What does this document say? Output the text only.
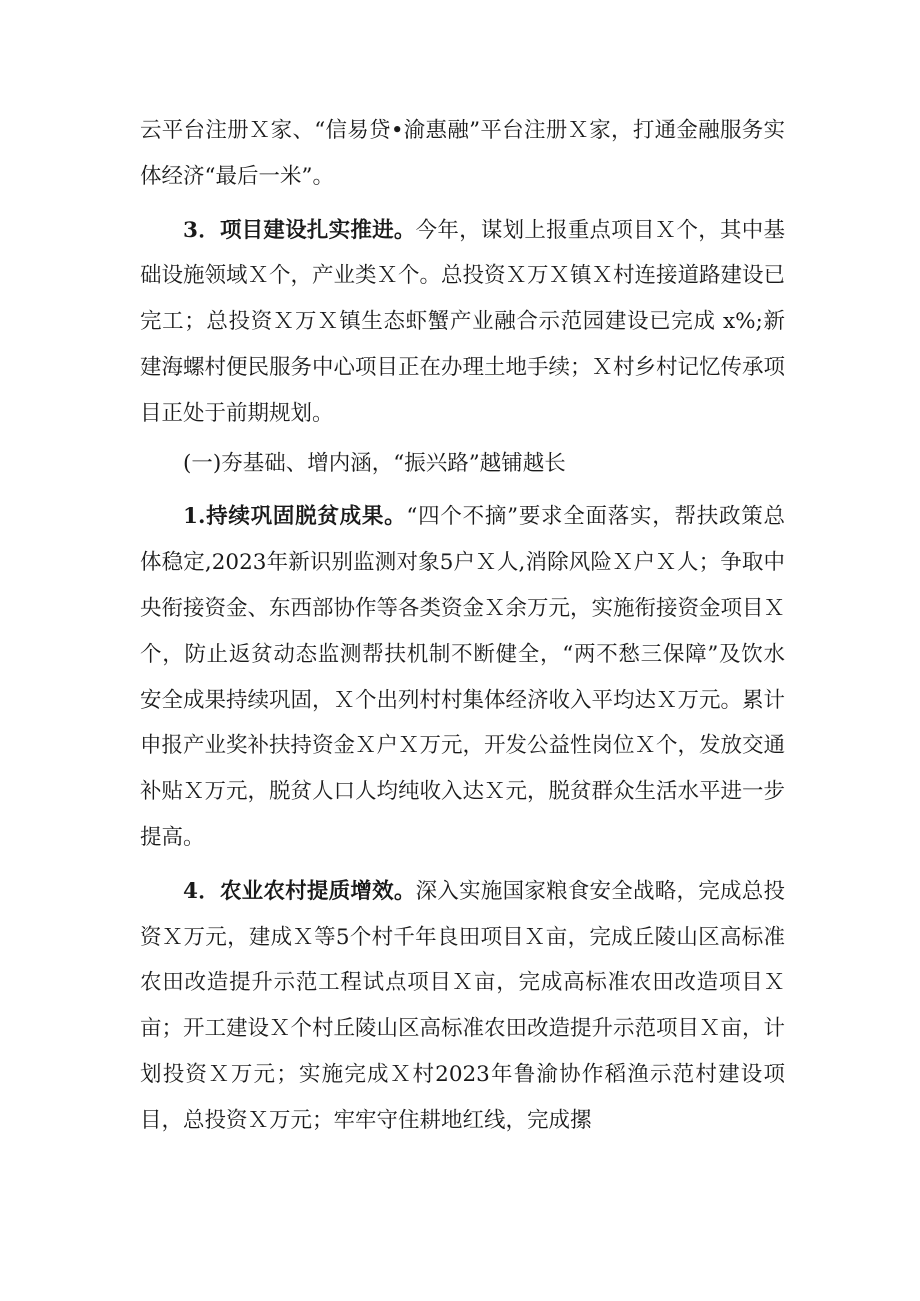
云平台注册Ｘ家、“信易贷•渝惠融”平台注册Ｘ家，打通金融服务实体经济“最后一米”。

3．项目建设扎实推进。今年，谋划上报重点项目Ｘ个，其中基础设施领域Ｘ个，产业类Ｘ个。总投资Ｘ万Ｘ镇Ｘ村连接道路建设已完工；总投资Ｘ万Ｘ镇生态虾蟹产业融合示范园建设已完成 x%;新建海螺村便民服务中心项目正在办理土地手续；Ｘ村乡村记忆传承项目正处于前期规划。

(一)夯基础、增内涵，“振兴路”越铺越长

1.持续巩固脱贫成果。“四个不摘”要求全面落实，帮扶政策总体稳定,2023年新识别监测对象5户Ｘ人,消除风险Ｘ户Ｘ人；争取中央衔接资金、东西部协作等各类资金Ｘ余万元，实施衔接资金项目Ｘ个，防止返贫动态监测帮扶机制不断健全，“两不愁三保障”及饮水安全成果持续巩固，Ｘ个出列村村集体经济收入平均达Ｘ万元。累计申报产业奖补扶持资金Ｘ户Ｘ万元，开发公益性岗位Ｘ个，发放交通补贴Ｘ万元，脱贫人口人均纯收入达Ｘ元，脱贫群众生活水平进一步提高。

4．农业农村提质增效。深入实施国家粮食安全战略，完成总投资Ｘ万元，建成Ｘ等5个村千年良田项目Ｘ亩，完成丘陵山区高标准农田改造提升示范工程试点项目Ｘ亩，完成高标准农田改造项目Ｘ亩；开工建设Ｘ个村丘陵山区高标准农田改造提升示范项目Ｘ亩，计划投资Ｘ万元；实施完成Ｘ村2023年鲁渝协作稻渔示范村建设项目，总投资Ｘ万元；牢牢守住耕地红线，完成摞
